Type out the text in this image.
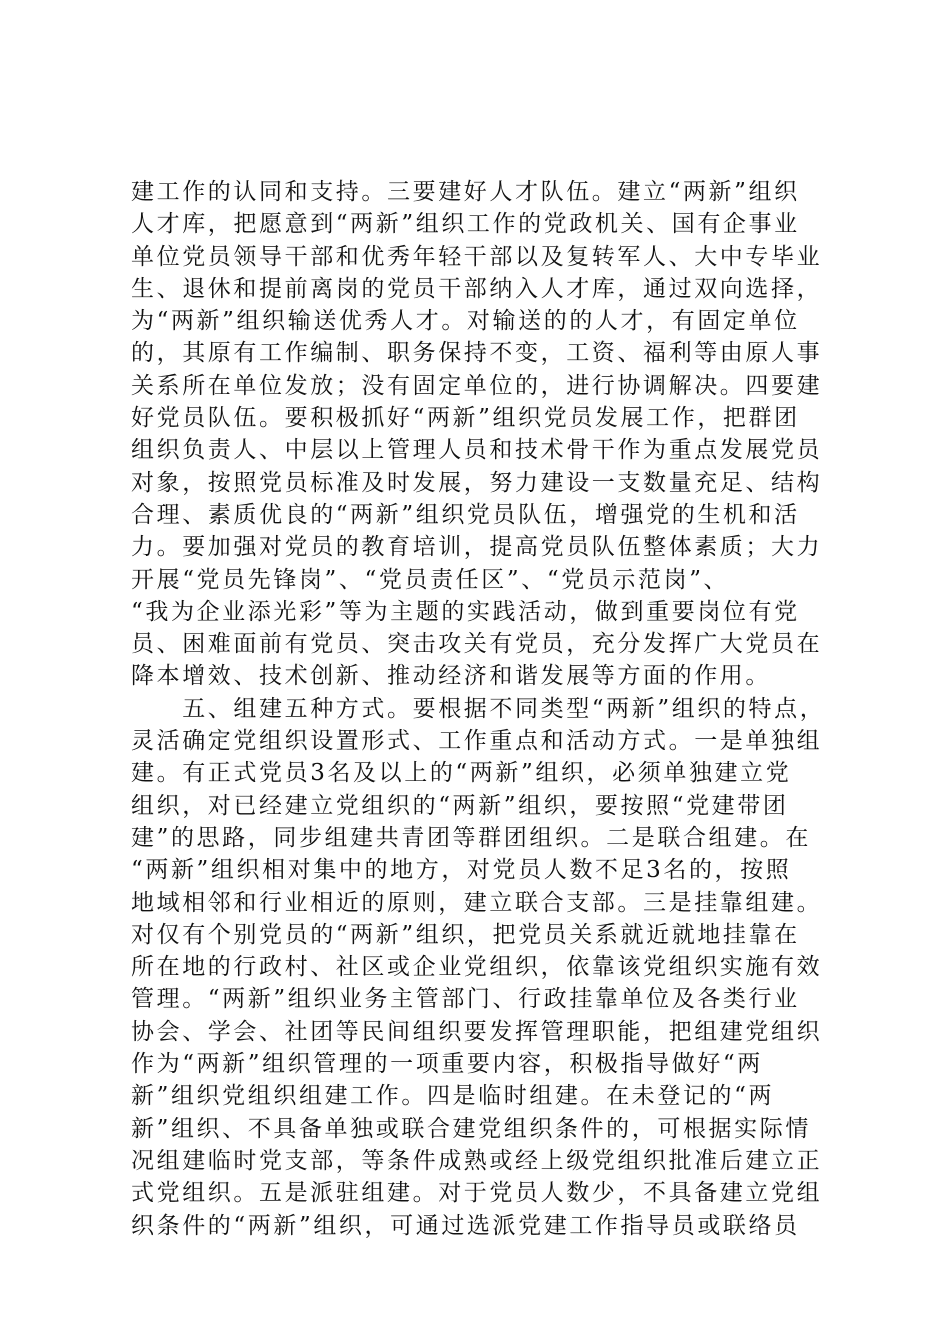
建工作的认同和支持。三要建好人才队伍。建立“两新”组织
人才库，把愿意到“两新”组织工作的党政机关、国有企事业
单位党员领导干部和优秀年轻干部以及复转军人、大中专毕业
生、退休和提前离岗的党员干部纳入人才库，通过双向选择，
为“两新”组织输送优秀人才。对输送的的人才，有固定单位
的，其原有工作编制、职务保持不变，工资、福利等由原人事
关系所在单位发放；没有固定单位的，进行协调解决。四要建
好党员队伍。要积极抓好“两新”组织党员发展工作，把群团
组织负责人、中层以上管理人员和技术骨干作为重点发展党员
对象，按照党员标准及时发展，努力建设一支数量充足、结构
合理、素质优良的“两新”组织党员队伍，增强党的生机和活
力。要加强对党员的教育培训，提高党员队伍整体素质；大力
开展“党员先锋岗”、“党员责任区”、“党员示范岗”、
“我为企业添光彩”等为主题的实践活动，做到重要岗位有党
员、困难面前有党员、突击攻关有党员，充分发挥广大党员在
降本增效、技术创新、推动经济和谐发展等方面的作用。
　　五、组建五种方式。要根据不同类型“两新”组织的特点，
灵活确定党组织设置形式、工作重点和活动方式。一是单独组
建。有正式党员3名及以上的“两新”组织，必须单独建立党
组织，对已经建立党组织的“两新”组织，要按照“党建带团
建”的思路，同步组建共青团等群团组织。二是联合组建。在
“两新”组织相对集中的地方，对党员人数不足3名的，按照
地域相邻和行业相近的原则，建立联合支部。三是挂靠组建。
对仅有个别党员的“两新”组织，把党员关系就近就地挂靠在
所在地的行政村、社区或企业党组织，依靠该党组织实施有效
管理。“两新”组织业务主管部门、行政挂靠单位及各类行业
协会、学会、社团等民间组织要发挥管理职能，把组建党组织
作为“两新”组织管理的一项重要内容，积极指导做好“两
新”组织党组织组建工作。四是临时组建。在未登记的“两
新”组织、不具备单独或联合建党组织条件的，可根据实际情
况组建临时党支部，等条件成熟或经上级党组织批准后建立正
式党组织。五是派驻组建。对于党员人数少，不具备建立党组
织条件的“两新”组织，可通过选派党建工作指导员或联络员
